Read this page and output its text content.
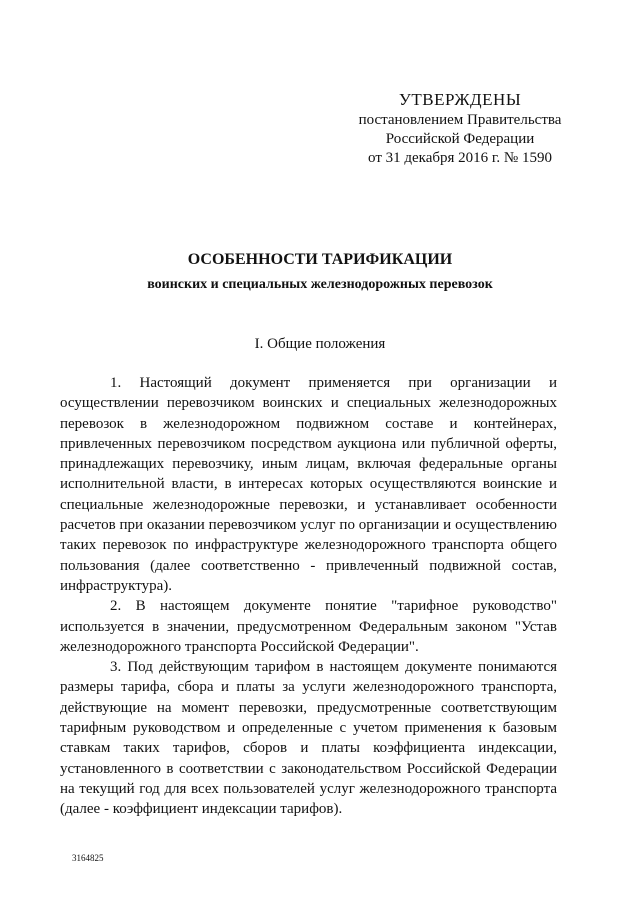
УТВЕРЖДЕНЫ
постановлением Правительства
Российской Федерации
от 31 декабря 2016 г. № 1590
ОСОБЕННОСТИ ТАРИФИКАЦИИ
воинских и специальных железнодорожных перевозок
I. Общие положения

1. Настоящий документ применяется при организации и осуществлении перевозчиком воинских и специальных железнодорожных перевозок в железнодорожном подвижном составе и контейнерах, привлеченных перевозчиком посредством аукциона или публичной оферты, принадлежащих перевозчику, иным лицам, включая федеральные органы исполнительной власти, в интересах которых осуществляются воинские и специальные железнодорожные перевозки, и устанавливает особенности расчетов при оказании перевозчиком услуг по организации и осуществлению таких перевозок по инфраструктуре железнодорожного транспорта общего пользования (далее соответственно - привлеченный подвижной состав, инфраструктура).

2. В настоящем документе понятие "тарифное руководство" используется в значении, предусмотренном Федеральным законом "Устав железнодорожного транспорта Российской Федерации".

3. Под действующим тарифом в настоящем документе понимаются размеры тарифа, сбора и платы за услуги железнодорожного транспорта, действующие на момент перевозки, предусмотренные соответствующим тарифным руководством и определенные с учетом применения к базовым ставкам таких тарифов, сборов и платы коэффициента индексации, установленного в соответствии с законодательством Российской Федерации на текущий год для всех пользователей услуг железнодорожного транспорта (далее - коэффициент индексации тарифов).

3164825
